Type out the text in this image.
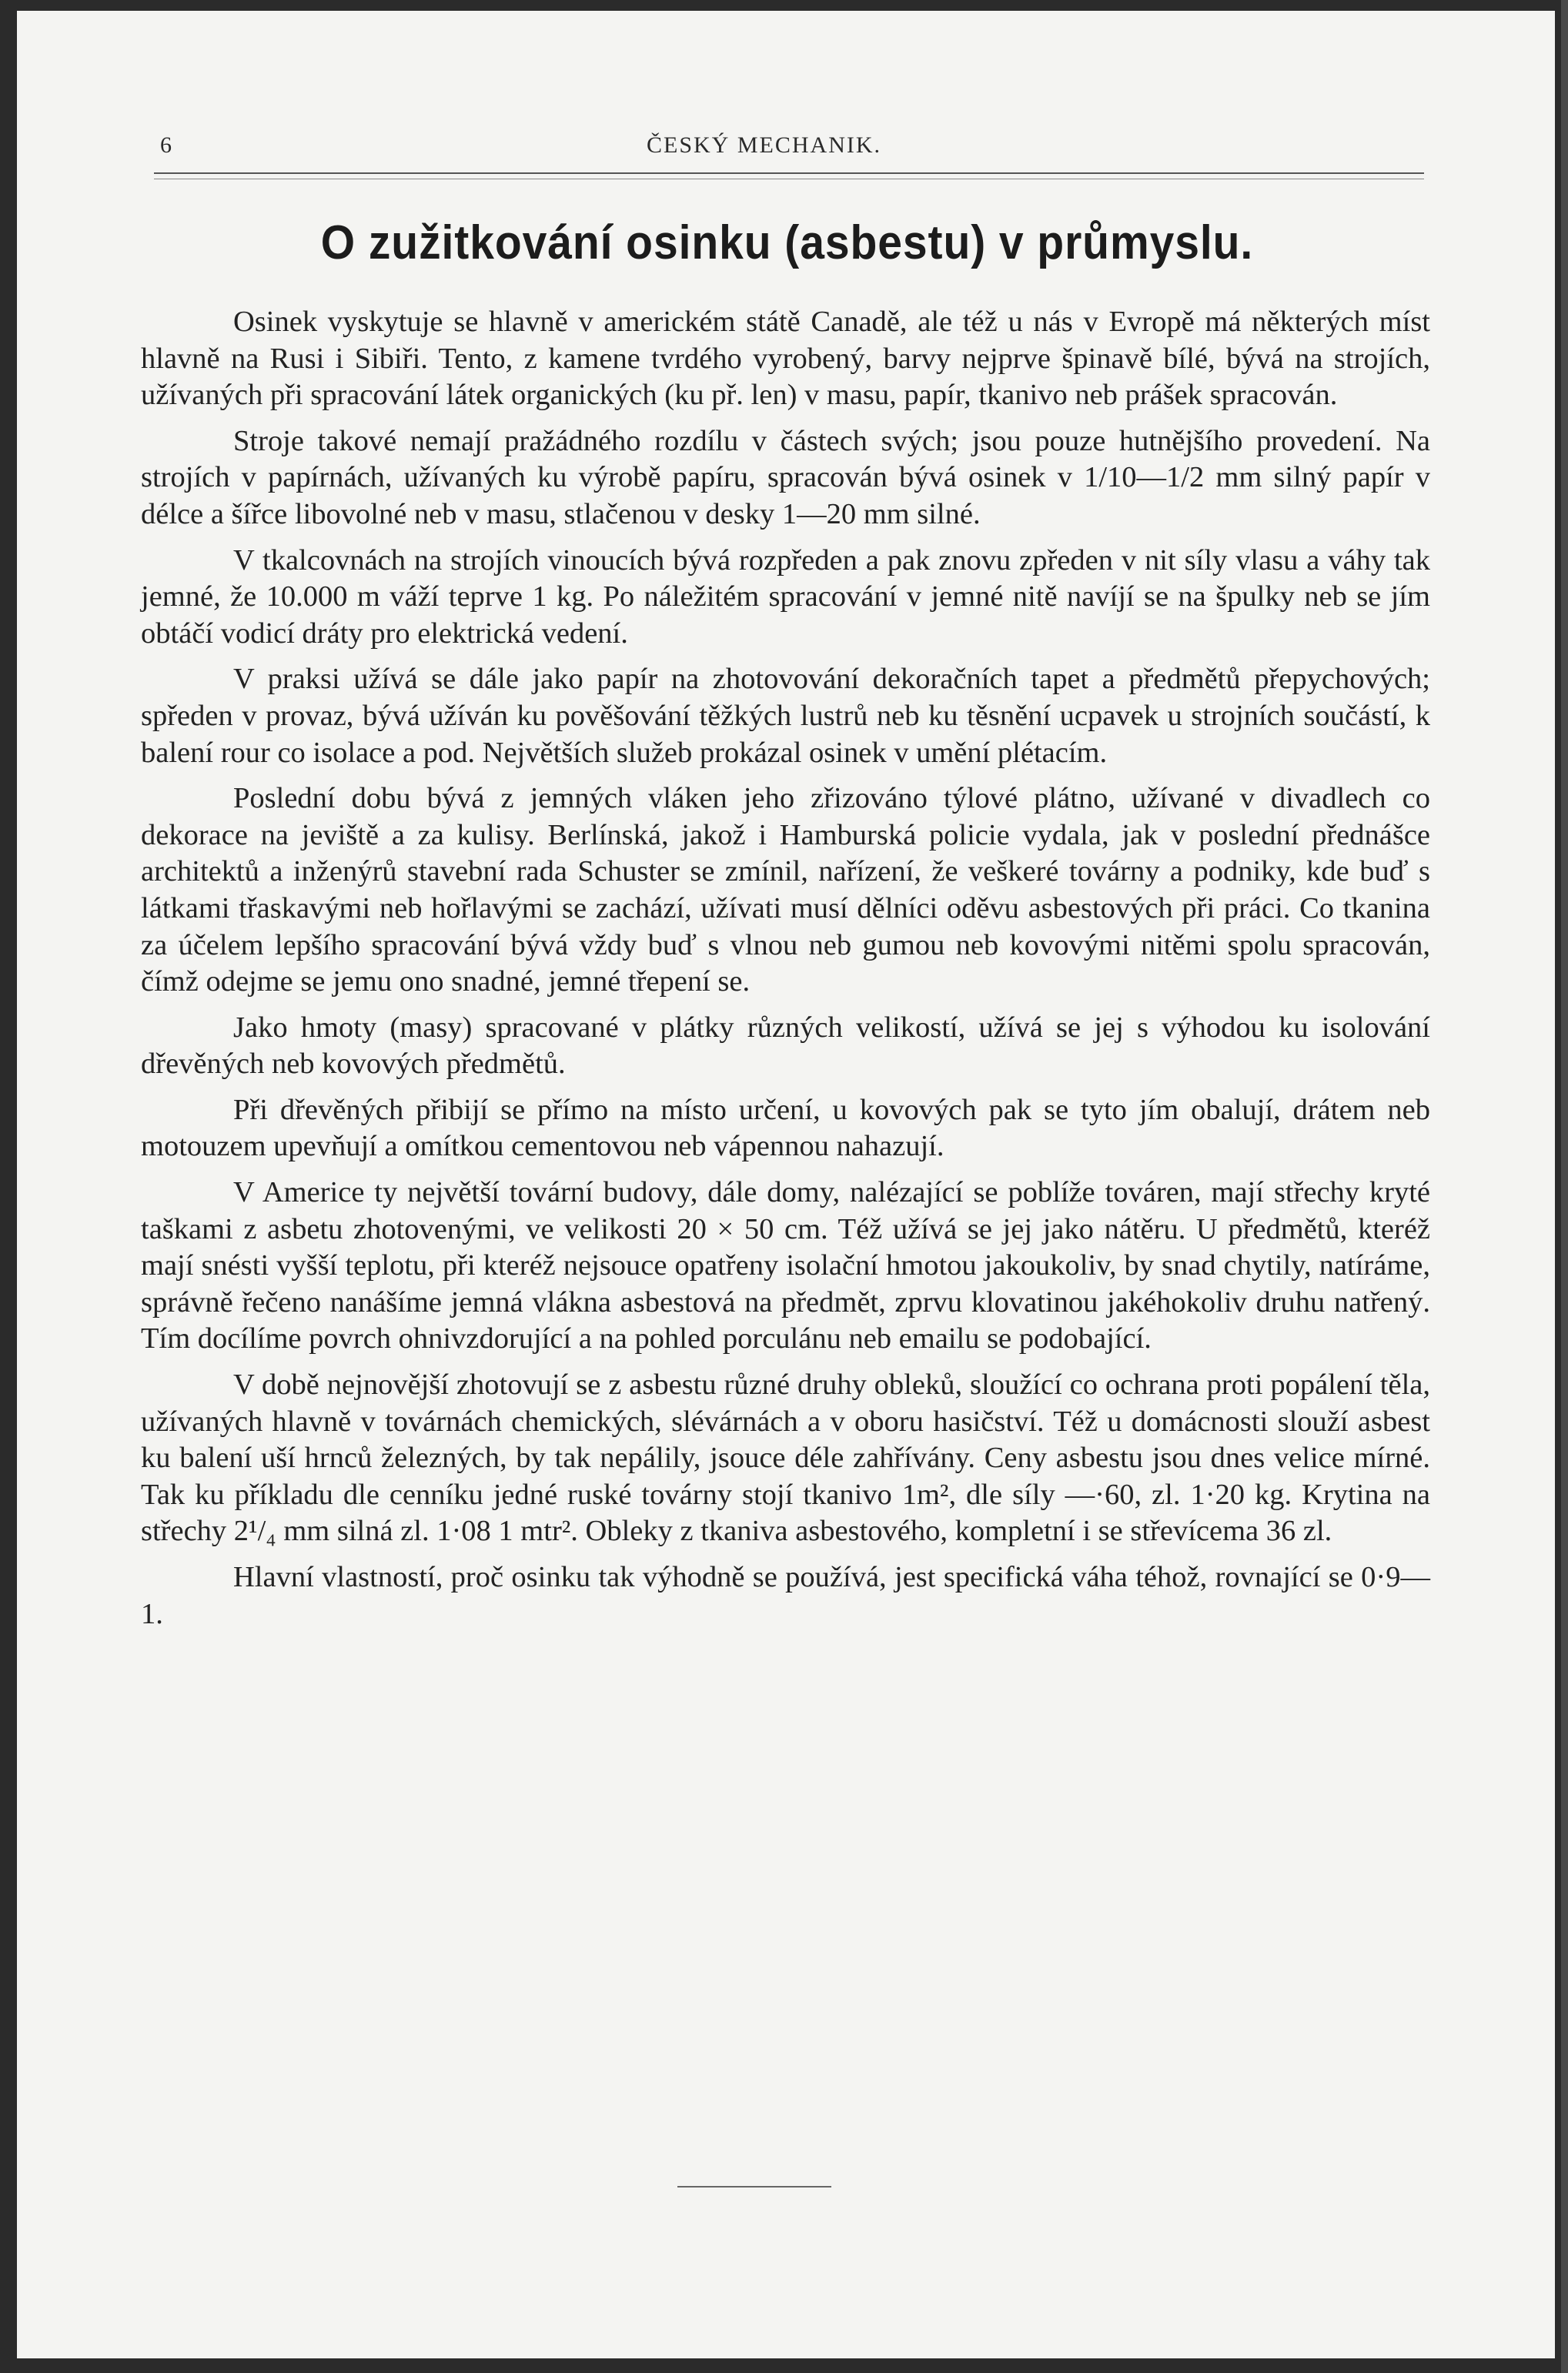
6	ČESKÝ MECHANIK.
O zužitkování osinku (asbestu) v průmyslu.

Osinek vyskytuje se hlavně v americkém státě Canadě, ale též u nás v Evropě má některých míst hlavně na Rusi i Sibiři. Tento, z kamene tvrdého vyrobený, barvy nejprve špinavě bílé, bývá na strojích, užívaných při spracování látek organických (ku př. len) v masu, papír, tkanivo neb prášek spracován.

Stroje takové nemají pražádného rozdílu v částech svých; jsou pouze hutnějšího provedení. Na strojích v papírnách, užívaných ku výrobě papíru, spracován bývá osinek v 1/10—1/2 mm silný papír v délce a šířce libovolné neb v masu, stlačenou v desky 1—20 mm silné.

V tkalcovnách na strojích vinoucích bývá rozpředen a pak znovu zpředen v nit síly vlasu a váhy tak jemné, že 10.000 m váží teprve 1 kg. Po náležitém spracování v jemné nitě navíjí se na špulky neb se jím obtáčí vodicí dráty pro elektrická vedení.

V praksi užívá se dále jako papír na zhotovování dekoračních tapet a předmětů přepychových; spředen v provaz, bývá užíván ku pověšování těžkých lustrů neb ku těsnění ucpavek u strojních součástí, k balení rour co isolace a pod. Největších služeb prokázal osinek v umění plétacím.

Poslední dobu bývá z jemných vláken jeho zřizováno týlové plátno, užívané v divadlech co dekorace na jeviště a za kulisy. Berlínská, jakož i Hamburská policie vydala, jak v poslední přednášce architektů a inženýrů stavební rada Schuster se zmínil, nařízení, že veškeré továrny a podniky, kde buď s látkami třaskavými neb hořlavými se zachází, užívati musí dělníci oděvu asbestových při práci. Co tkanina za účelem lepšího spracování bývá vždy buď s vlnou neb gumou neb kovovými nitěmi spolu spracován, čímž odejme se jemu ono snadné, jemné třepení se.

Jako hmoty (masy) spracované v plátky různých velikostí, užívá se jej s výhodou ku isolování dřevěných neb kovových předmětů.

Při dřevěných přibijí se přímo na místo určení, u kovových pak se tyto jím obalují, drátem neb motouzem upevňují a omítkou cementovou neb vápennou nahazují.

V Americe ty největší tovární budovy, dále domy, nalézající se poblíže továren, mají střechy kryté taškami z asbetu zhotovenými, ve velikosti 20 × 50 cm. Též užívá se jej jako nátěru. U předmětů, kteréž mají snésti vyšší teplotu, při kteréž nejsouce opatřeny isolační hmotou jakoukoliv, by snad chytily, natíráme, správně řečeno nanášíme jemná vlákna asbestová na předmět, zprvu klovatinou jakéhokoliv druhu natřený. Tím docílíme povrch ohnivzdorující a na pohled porculánu neb emailu se podobající.

V době nejnovější zhotovují se z asbestu různé druhy obleků, sloužící co ochrana proti popálení těla, užívaných hlavně v továrnách chemických, slévárnách a v oboru hasičství. Též u domácnosti slouží asbest ku balení uší hrnců železných, by tak nepálily, jsouce déle zahřívány. Ceny asbestu jsou dnes velice mírné. Tak ku příkladu dle cenníku jedné ruské továrny stojí tkanivo 1m², dle síly —·60, zl. 1·20 kg. Krytina na střechy 2¹/₄ mm silná zl. 1·08 1 mtr². Obleky z tkaniva asbestového, kompletní i se střevícema 36 zl.

Hlavní vlastností, proč osinku tak výhodně se používá, jest specifická váha téhož, rovnající se 0·9—1.
